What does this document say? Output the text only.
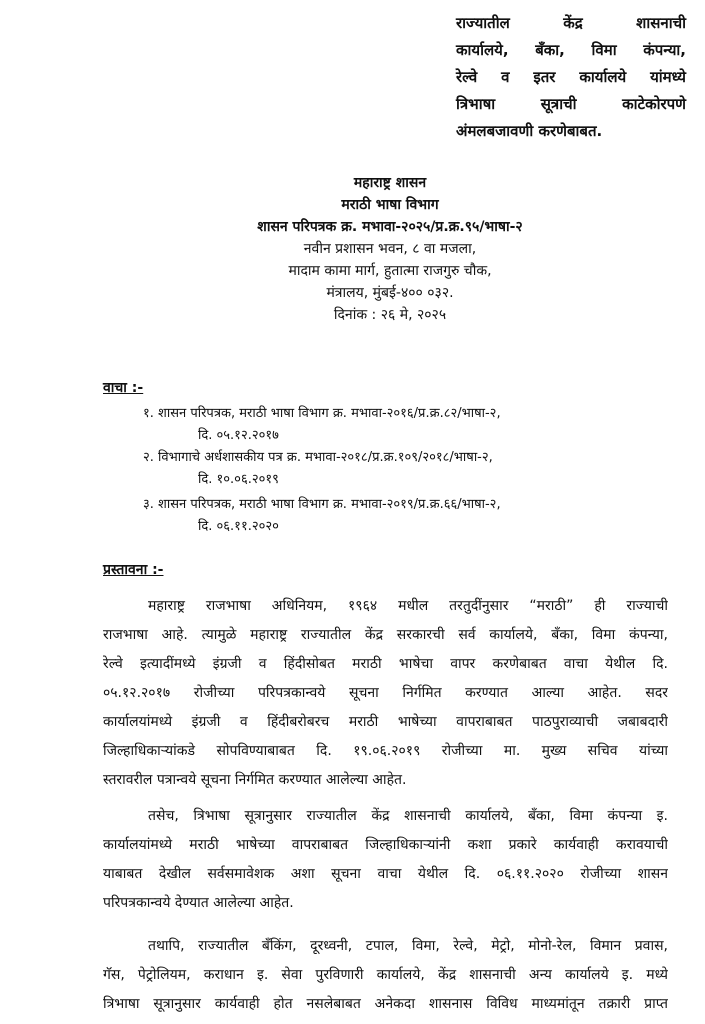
राज्यातील केंद्र शासनाची
कार्यालये, बँका, विमा कंपन्या,
रेल्वे व इतर कार्यालये यांमध्ये
त्रिभाषा सूत्राची काटेकोरपणे
अंमलबजावणी करणेबाबत.
महाराष्ट्र शासन
मराठी भाषा विभाग
शासन परिपत्रक क्र. मभावा-२०२५/प्र.क्र.९५/भाषा-२
नवीन प्रशासन भवन, ८ वा मजला,
मादाम कामा मार्ग, हुतात्मा राजगुरु चौक,
मंत्रालय, मुंबई-४०० ०३२.
दिनांक : २६ मे, २०२५
वाचा :-
१. शासन परिपत्रक, मराठी भाषा विभाग क्र. मभावा-२०१६/प्र.क्र.८२/भाषा-२,
दि. ०५.१२.२०१७
२. विभागाचे अर्धशासकीय पत्र क्र. मभावा-२०१८/प्र.क्र.१०९/२०१८/भाषा-२,
दि. १०.०६.२०१९
३. शासन परिपत्रक, मराठी भाषा विभाग क्र. मभावा-२०१९/प्र.क्र.६६/भाषा-२,
दि. ०६.११.२०२०
प्रस्तावना :-
महाराष्ट्र राजभाषा अधिनियम, १९६४ मधील तरतुदींनुसार “मराठी” ही राज्याची
राजभाषा आहे. त्यामुळे महाराष्ट्र राज्यातील केंद्र सरकारची सर्व कार्यालये, बँका, विमा कंपन्या,
रेल्वे इत्यादींमध्ये इंग्रजी व हिंदीसोबत मराठी भाषेचा वापर करणेबाबत वाचा येथील दि.
०५.१२.२०१७ रोजीच्या परिपत्रकान्वये सूचना निर्गमित करण्यात आल्या आहेत. सदर
कार्यालयांमध्ये इंग्रजी व हिंदीबरोबरच मराठी भाषेच्या वापराबाबत पाठपुराव्याची जबाबदारी
जिल्हाधिकाऱ्यांकडे सोपविण्याबाबत दि. १९.०६.२०१९ रोजीच्या मा. मुख्य सचिव यांच्या
स्तरावरील पत्रान्वये सूचना निर्गमित करण्यात आलेल्या आहेत.
तसेच, त्रिभाषा सूत्रानुसार राज्यातील केंद्र शासनाची कार्यालये, बँका, विमा कंपन्या इ.
कार्यालयांमध्ये मराठी भाषेच्या वापराबाबत जिल्हाधिकाऱ्यांनी कशा प्रकारे कार्यवाही करावयाची
याबाबत देखील सर्वसमावेशक अशा सूचना वाचा येथील दि. ०६.११.२०२० रोजीच्या शासन
परिपत्रकान्वये देण्यात आलेल्या आहेत.
तथापि, राज्यातील बँकिंग, दूरध्वनी, टपाल, विमा, रेल्वे, मेट्रो, मोनो-रेल, विमान प्रवास,
गॅस, पेट्रोलियम, कराधान इ. सेवा पुरविणारी कार्यालये, केंद्र शासनाची अन्य कार्यालये इ. मध्ये
त्रिभाषा सूत्रानुसार कार्यवाही होत नसलेबाबत अनेकदा शासनास विविध माध्यमांतून तक्रारी प्राप्त
